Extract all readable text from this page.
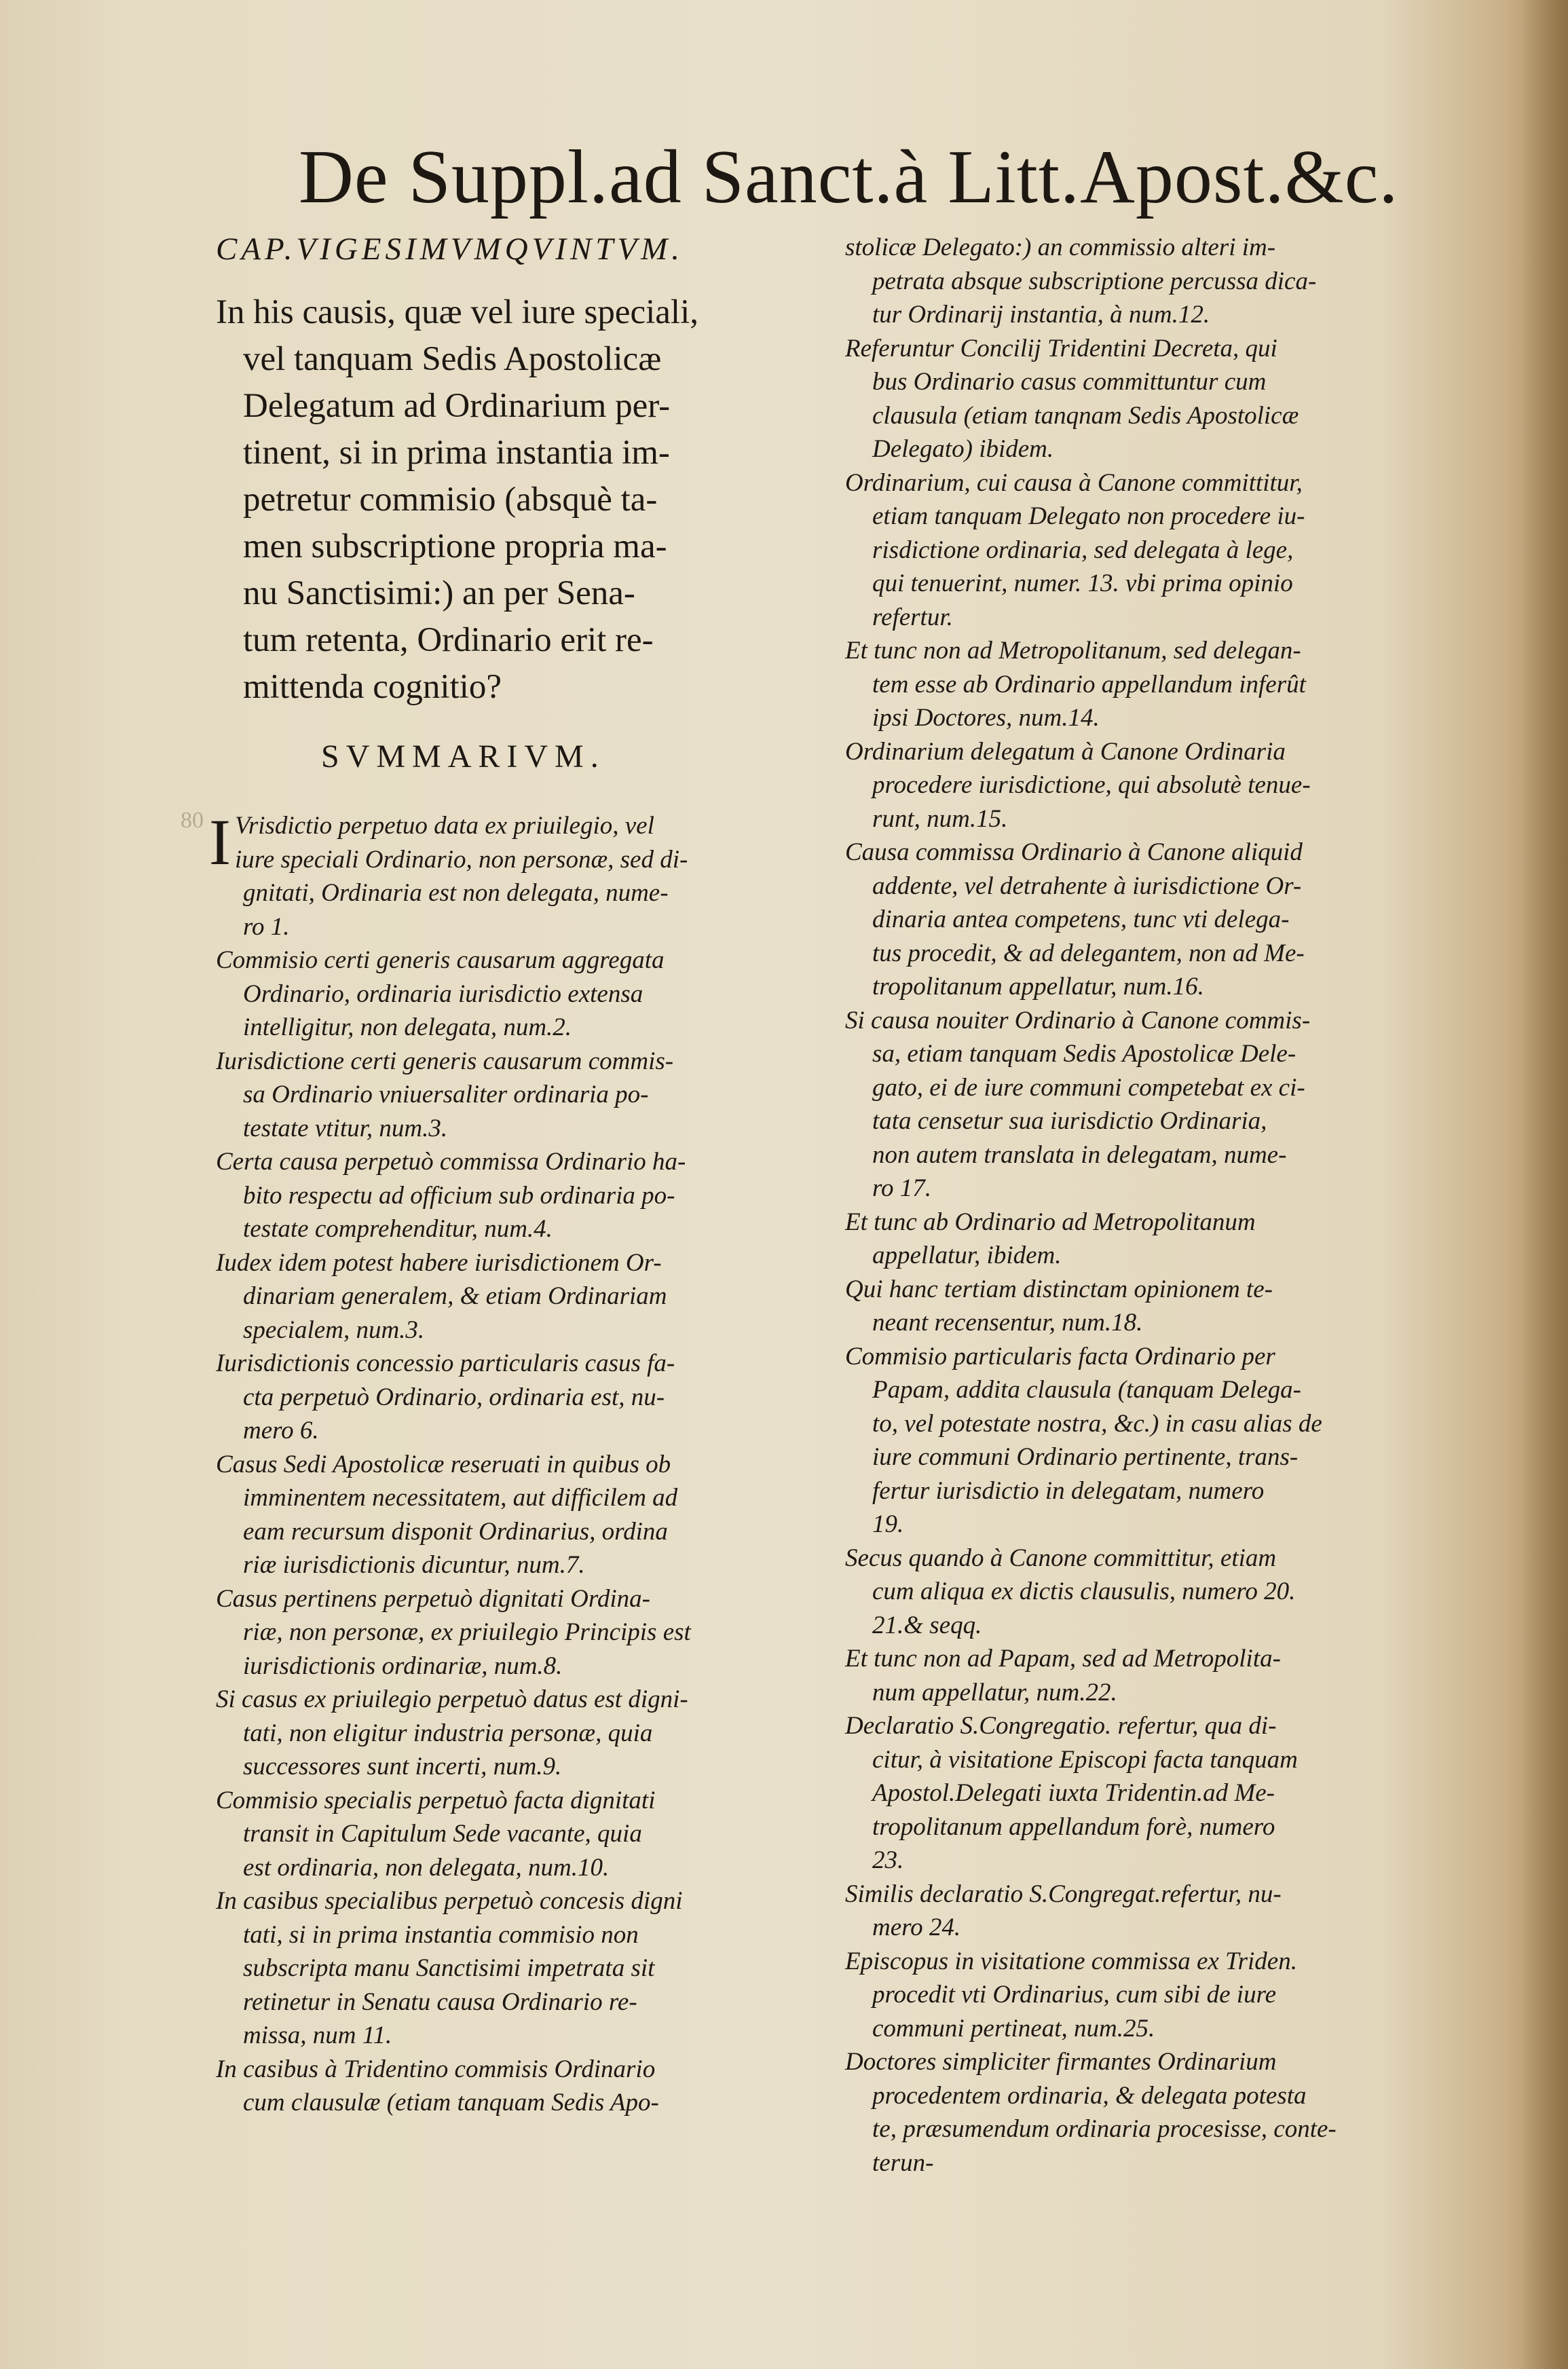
De Suppl.ad Sanct.à Litt.Apost.&c.
80
CAP.VIGESIMVMQVINTVM.
In his causis, quæ vel iure speciali,
vel tanquam Sedis Apostolicæ
Delegatum ad Ordinarium per-
tinent, si in prima instantia im-
petretur commisio (absquè ta-
men subscriptione propria ma-
nu Sanctisimi:) an per Sena-
tum retenta, Ordinario erit re-
mittenda cognitio?
SVMMARIVM.
I Vrisdictio perpetuo data ex priuilegio, vel
iure speciali Ordinario, non personæ, sed di-
gnitati, Ordinaria est non delegata, nume-
ro 1.
Commisio certi generis causarum aggregata
Ordinario, ordinaria iurisdictio extensa
intelligitur, non delegata, num.2.
Iurisdictione certi generis causarum commis-
sa Ordinario vniuersaliter ordinaria po-
testate vtitur, num.3.
Certa causa perpetuò commissa Ordinario ha-
bito respectu ad officium sub ordinaria po-
testate comprehenditur, num.4.
Iudex idem potest habere iurisdictionem Or-
dinariam generalem, & etiam Ordinariam
specialem, num.3.
Iurisdictionis concessio particularis casus fa-
cta perpetuò Ordinario, ordinaria est, nu-
mero 6.
Casus Sedi Apostolicæ reseruati in quibus ob
imminentem necessitatem, aut difficilem ad
eam recursum disponit Ordinarius, ordina
riæ iurisdictionis dicuntur, num.7.
Casus pertinens perpetuò dignitati Ordina-
riæ, non personæ, ex priuilegio Principis est
iurisdictionis ordinariæ, num.8.
Si casus ex priuilegio perpetuò datus est digni-
tati, non eligitur industria personæ, quia
successores sunt incerti, num.9.
Commisio specialis perpetuò facta dignitati
transit in Capitulum Sede vacante, quia
est ordinaria, non delegata, num.10.
In casibus specialibus perpetuò concesis digni
tati, si in prima instantia commisio non
subscripta manu Sanctisimi impetrata sit
retinetur in Senatu causa Ordinario re-
missa, num 11.
In casibus à Tridentino commisis Ordinario
cum clausulæ (etiam tanquam Sedis Apo-
stolicæ Delegato:) an commissio alteri im-
petrata absque subscriptione percussa dica-
tur Ordinarij instantia, à num.12.
Referuntur Concilij Tridentini Decreta, qui
bus Ordinario casus committuntur cum
clausula (etiam tanqnam Sedis Apostolicæ
Delegato) ibidem.
Ordinarium, cui causa à Canone committitur,
etiam tanquam Delegato non procedere iu-
risdictione ordinaria, sed delegata à lege,
qui tenuerint, numer. 13. vbi prima opinio
refertur.
Et tunc non ad Metropolitanum, sed delegan-
tem esse ab Ordinario appellandum inferût
ipsi Doctores, num.14.
Ordinarium delegatum à Canone Ordinaria
procedere iurisdictione, qui absolutè tenue-
runt, num.15.
Causa commissa Ordinario à Canone aliquid
addente, vel detrahente à iurisdictione Or-
dinaria antea competens, tunc vti delega-
tus procedit, & ad delegantem, non ad Me-
tropolitanum appellatur, num.16.
Si causa nouiter Ordinario à Canone commis-
sa, etiam tanquam Sedis Apostolicæ Dele-
gato, ei de iure communi competebat ex ci-
tata censetur sua iurisdictio Ordinaria,
non autem translata in delegatam, nume-
ro 17.
Et tunc ab Ordinario ad Metropolitanum
appellatur, ibidem.
Qui hanc tertiam distinctam opinionem te-
neant recensentur, num.18.
Commisio particularis facta Ordinario per
Papam, addita clausula (tanquam Delega-
to, vel potestate nostra, &c.) in casu alias de
iure communi Ordinario pertinente, trans-
fertur iurisdictio in delegatam, numero
19.
Secus quando à Canone committitur, etiam
cum aliqua ex dictis clausulis, numero 20.
21.& seqq.
Et tunc non ad Papam, sed ad Metropolita-
num appellatur, num.22.
Declaratio S.Congregatio. refertur, qua di-
citur, à visitatione Episcopi facta tanquam
Apostol.Delegati iuxta Tridentin.ad Me-
tropolitanum appellandum forè, numero
23.
Similis declaratio S.Congregat.refertur, nu-
mero 24.
Episcopus in visitatione commissa ex Triden.
procedit vti Ordinarius, cum sibi de iure
communi pertineat, num.25.
Doctores simpliciter firmantes Ordinarium
procedentem ordinaria, & delegata potesta
te, præsumendum ordinaria procesisse, conte-
terun-
